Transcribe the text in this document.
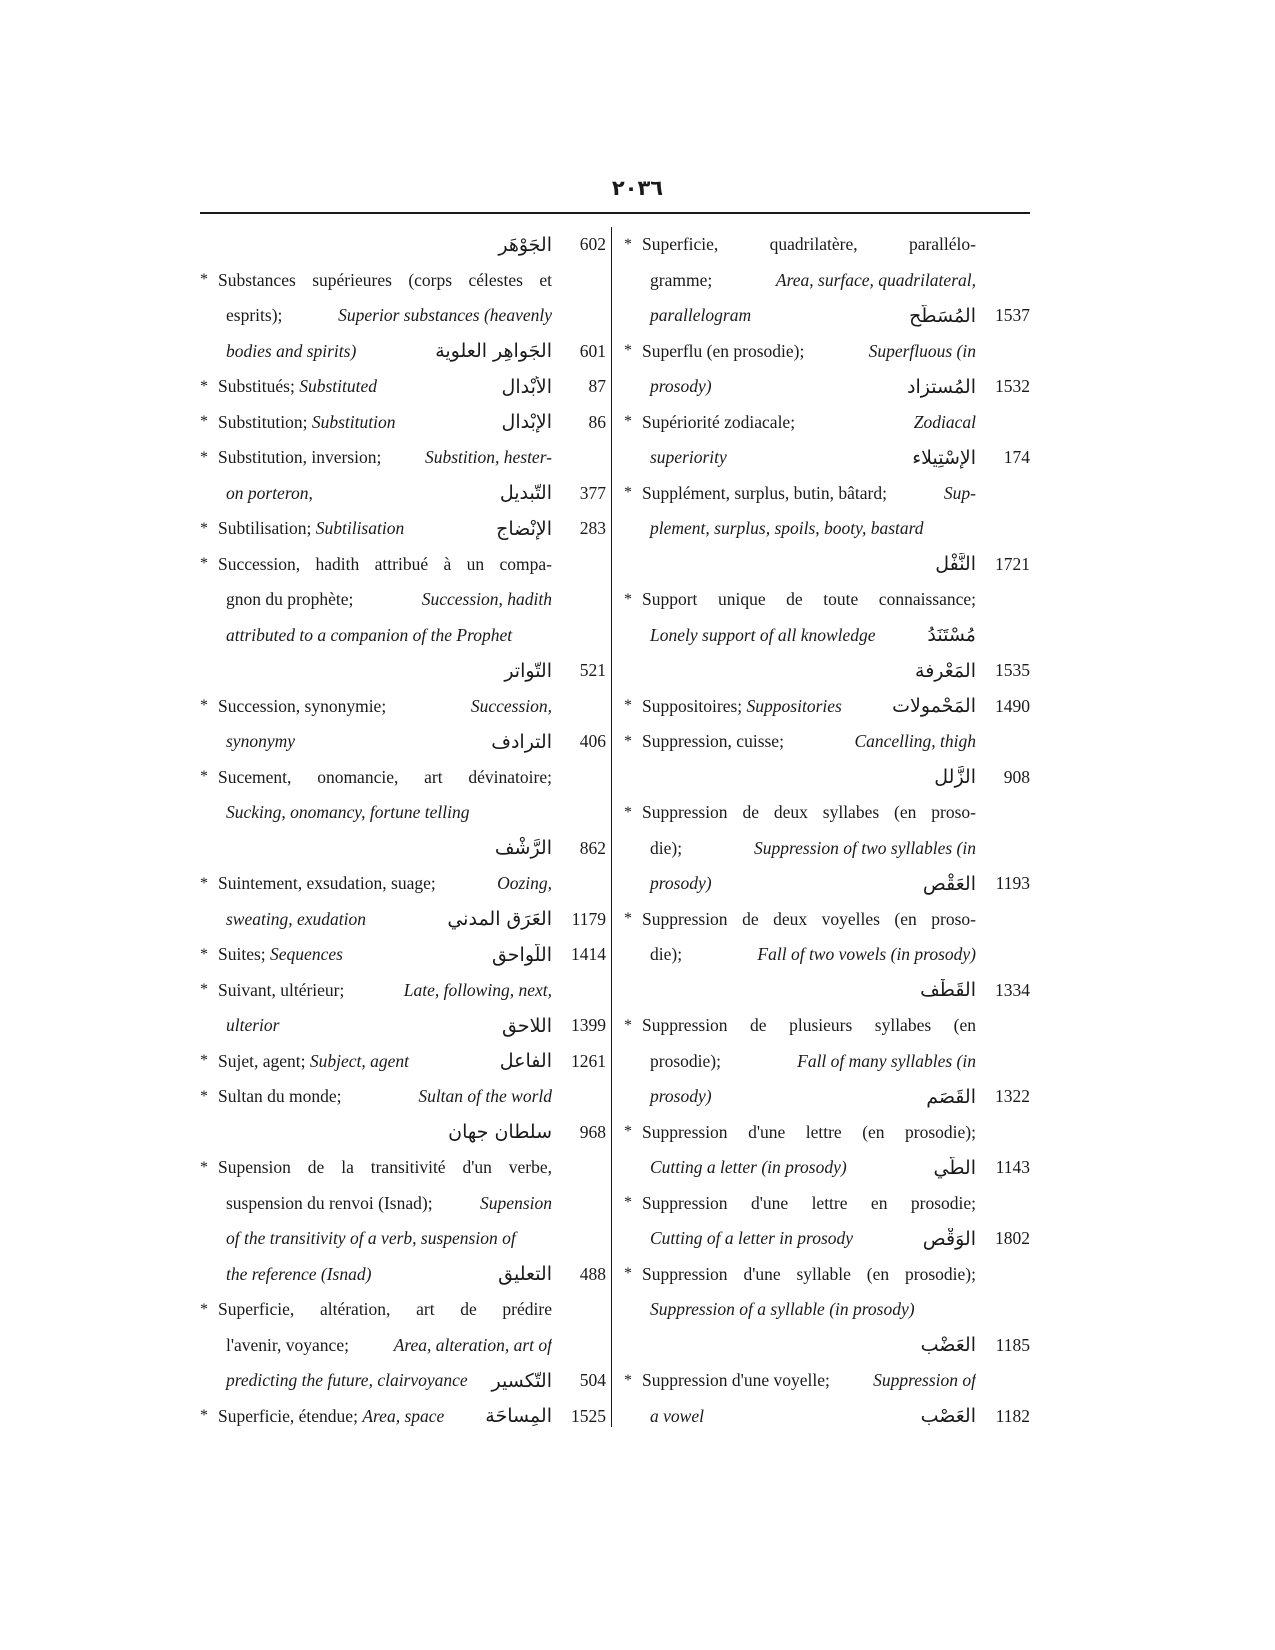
٢٠٣٦
الجَوْهَر	602
* Substances supérieures (corps célestes et
esprits);	Superior substances (heavenly
bodies and spirits)	الجَواهِر العلوية	601
* Substitués; Substituted	الأَبْدال	87
* Substitution; Substitution	الإِبْدال	86
* Substitution, inversion;	Substition, hester-
on porteron,	التّبديل	377
* Subtilisation; Subtilisation	الإنْضاج	283
* Succession, hadith attribué à un compa-
gnon du prophète;	Succession, hadith
attributed to a companion of the Prophet
التّواتر	521
* Succession, synonymie;	Succession,
synonymy	الترادف	406
* Sucement, onomancie, art dévinatoire;
Sucking, onomancy, fortune telling
الرَّشْف	862
* Suintement, exsudation, suage;	Oozing,
sweating, exudation	العَرَق المدني	1179
* Suites; Sequences	اللّواحق	1414
* Suivant, ultérieur;	Late, following, next,
ulterior	اللاحق	1399
* Sujet, agent; Subject, agent	الفاعل	1261
* Sultan du monde;	Sultan of the world
سلطان جهان	968
* Supension de la transitivité d'un verbe,
suspension du renvoi (Isnad);	Supension
of the transitivity of a verb, suspension of
the reference (Isnad)	التعليق	488
* Superficie, altération, art de prédire
l'avenir, voyance;	Area, alteration, art of
predicting the future, clairvoyance التّكسير	504
* Superficie, étendue; Area, space المِساحَة	1525
* Superficie, quadrilatère, parallélo-
gramme;	Area, surface, quadrilateral,
parallelogram	المُسَطَّح	1537
* Superflu (en prosodie);	Superfluous (in
prosody)	المُستزاد	1532
* Supériorité zodiacale;	Zodiacal
superiority	الإسْتِيلاء	174
* Supplément, surplus, butin, bâtard;	Sup-
plement, surplus, spoils, booty, bastard
النَّفْل	1721
* Support unique de toute connaissance;
Lonely support of all knowledge	مُسْتَنَدُ
المَعْرِفة	1535
* Suppositoires; Suppositories	المَحْمولات	1490
* Suppression, cuisse;	Cancelling, thigh
الزَّلل	908
* Suppression de deux syllabes (en proso-
die);	Suppression of two syllables (in
prosody)	العَقْص	1193
* Suppression de deux voyelles (en proso-
die);	Fall of two vowels (in prosody)
القَطْف	1334
* Suppression de plusieurs syllabes (en
prosodie);	Fall of many syllables (in
prosody)	القَصَم	1322
* Suppression d'une lettre (en prosodie);
Cutting a letter (in prosody)	الطَّي	1143
* Suppression d'une lettre en prosodie;
Cutting of a letter in prosody	الوَقْص	1802
* Suppression d'une syllable (en prosodie);
Suppression of a syllable (in prosody)
العَضْب	1185
* Suppression d'une voyelle;	Suppression of
a vowel	العَصْب	1182
